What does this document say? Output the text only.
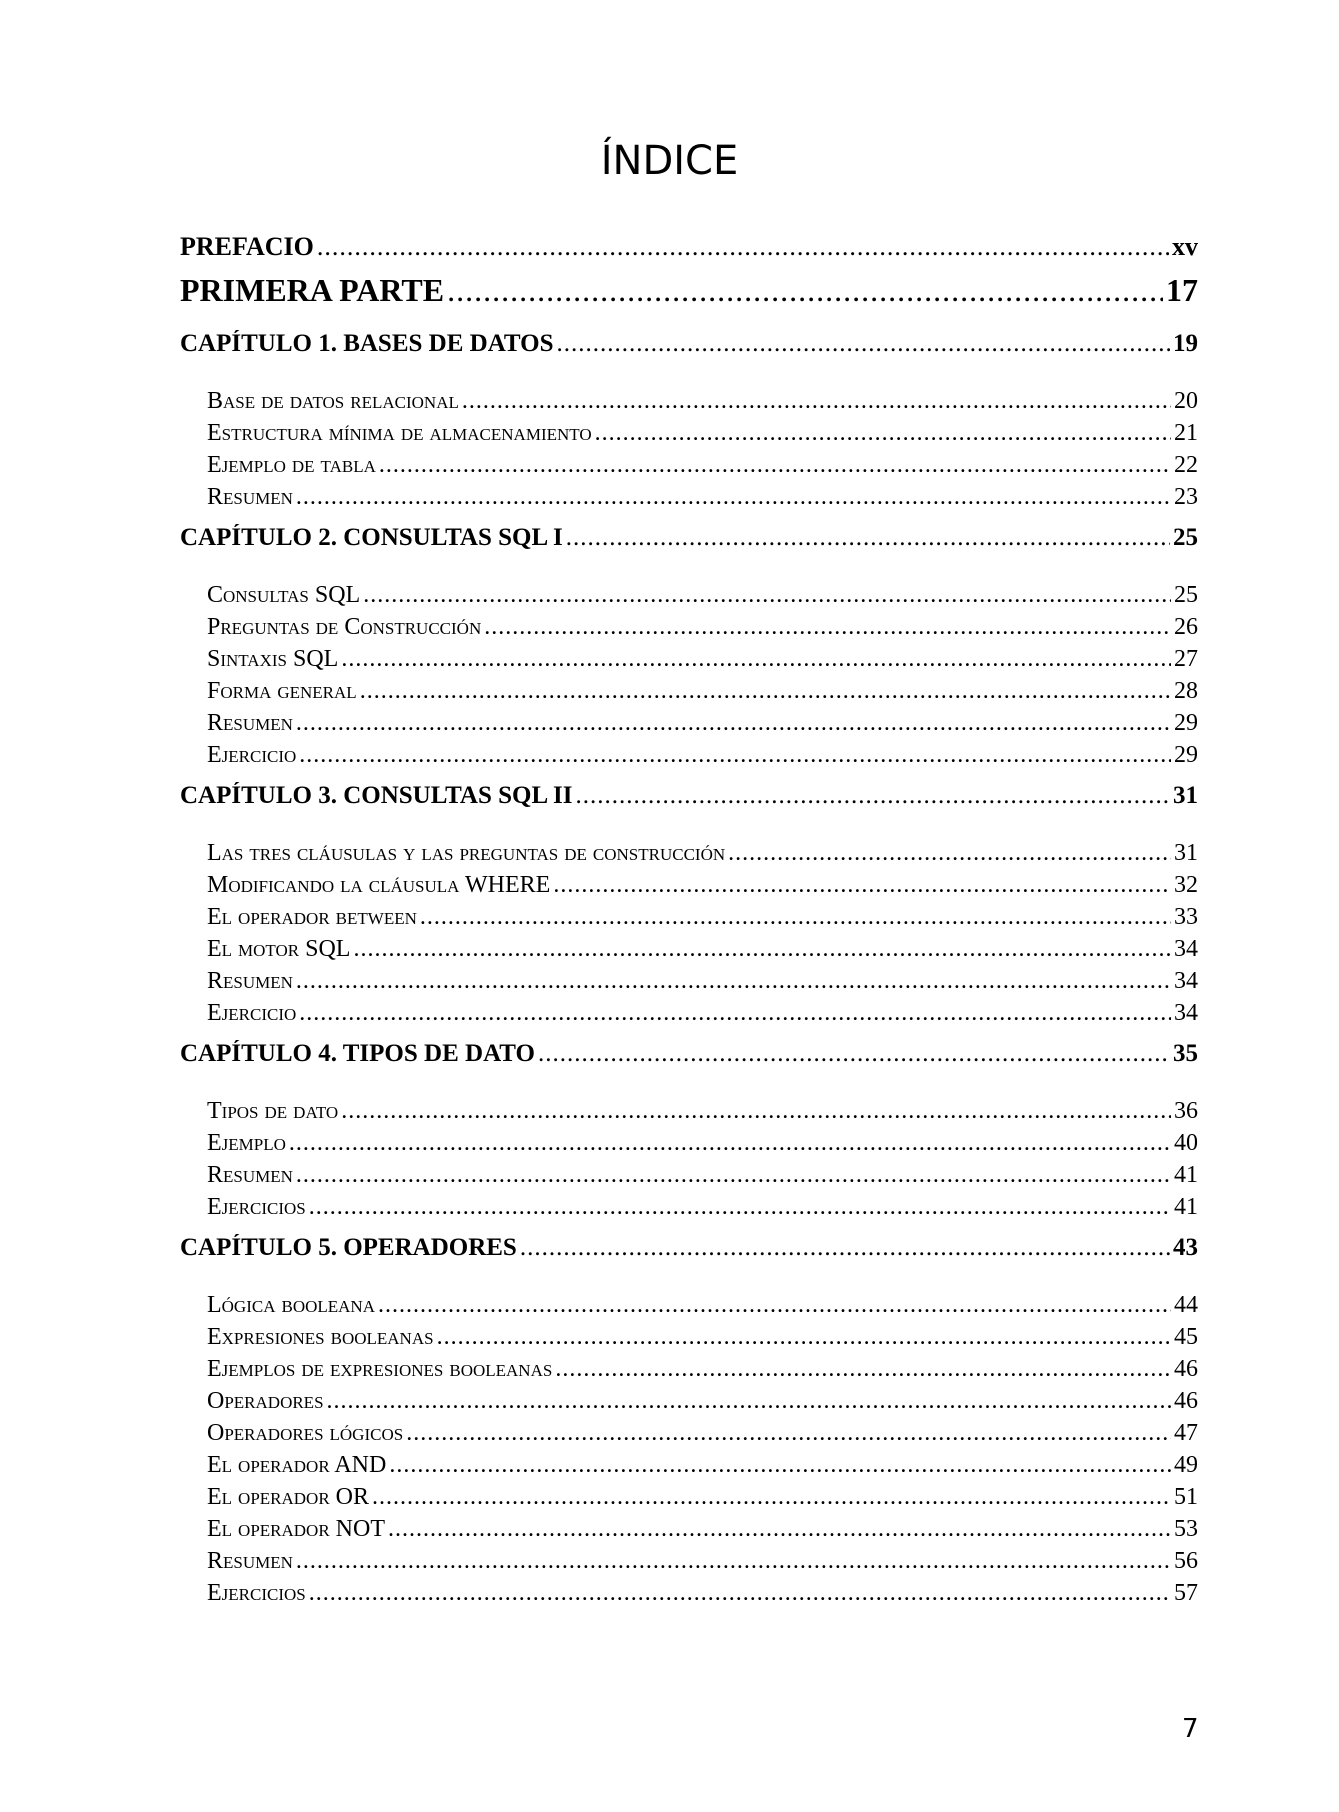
ÍNDICE
PREFACIO .....	xv
PRIMERA PARTE .....	17
CAPÍTULO 1. BASES DE DATOS .....	19
Base de datos relacional .....	20
Estructura mínima de almacenamiento .....	21
Ejemplo de tabla .....	22
Resumen .....	23
CAPÍTULO 2. CONSULTAS SQL I .....	25
Consultas SQL .....	25
Preguntas de Construcción .....	26
Sintaxis SQL .....	27
Forma general .....	28
Resumen .....	29
Ejercicio .....	29
CAPÍTULO 3. CONSULTAS SQL II .....	31
Las tres cláusulas y las preguntas de construcción .....	31
Modificando la cláusula WHERE .....	32
El operador between .....	33
El motor SQL .....	34
Resumen .....	34
Ejercicio .....	34
CAPÍTULO 4. TIPOS DE DATO .....	35
Tipos de dato .....	36
Ejemplo .....	40
Resumen .....	41
Ejercicios .....	41
CAPÍTULO 5. OPERADORES .....	43
Lógica booleana .....	44
Expresiones booleanas .....	45
Ejemplos de expresiones booleanas .....	46
Operadores .....	46
Operadores lógicos .....	47
El operador AND .....	49
El operador OR .....	51
El operador NOT .....	53
Resumen .....	56
Ejercicios .....	57
7
